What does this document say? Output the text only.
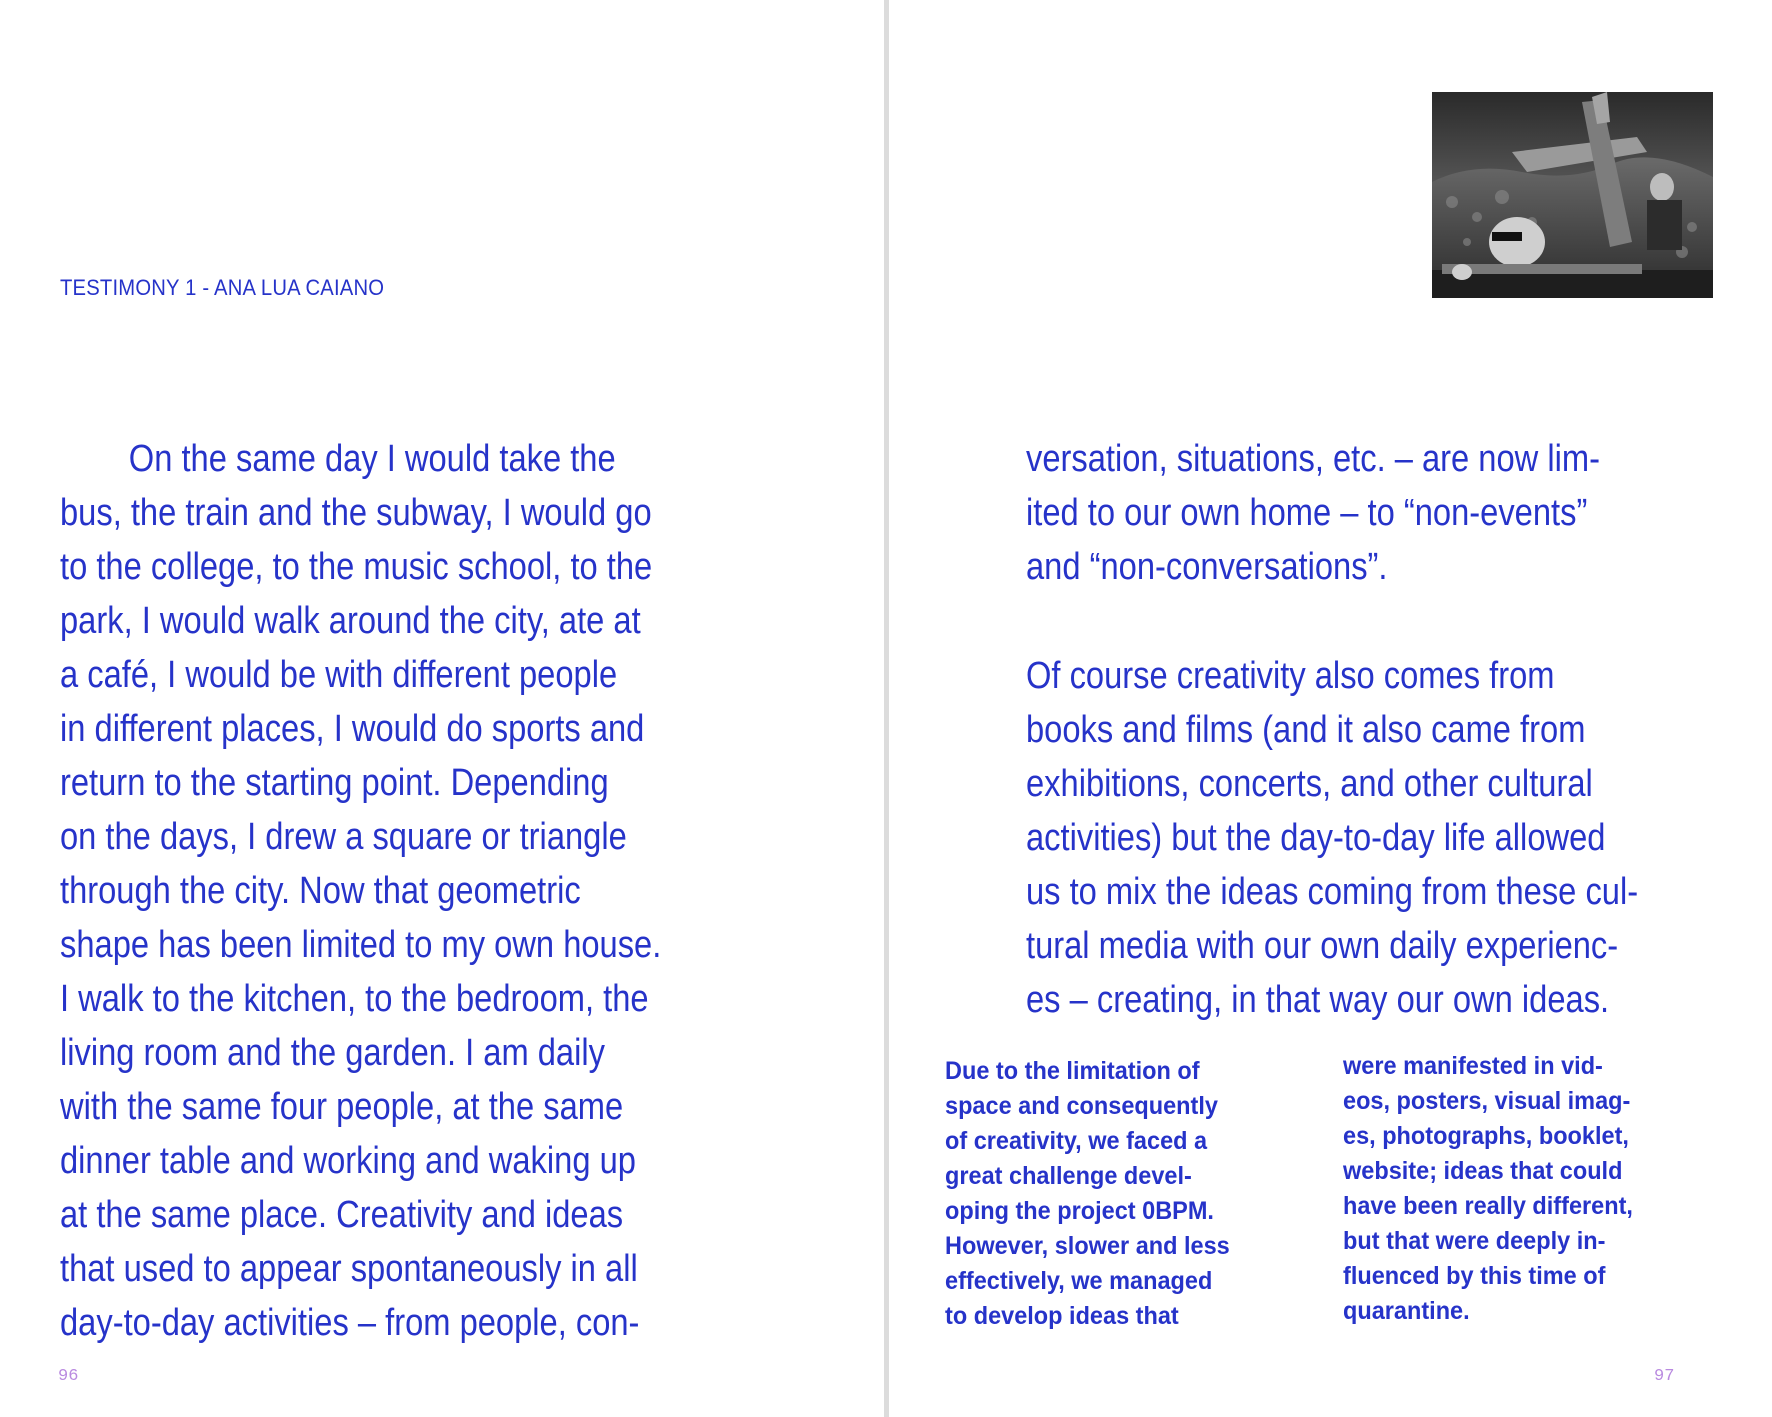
TESTIMONY 1 - ANA LUA CAIANO
On the same day I would take the
bus, the train and the subway, I would go
to the college, to the music school, to the
park, I would walk around the city, ate at
a café, I would be with different people
in different places, I would do sports and
return to the starting point. Depending
on the days, I drew a square or triangle
through the city. Now that geometric
shape has been limited to my own house.
I walk to the kitchen, to the bedroom, the
living room and the garden. I am daily
with the same four people, at the same
dinner table and working and waking up
at the same place. Creativity and ideas
that used to appear spontaneously in all
day-to-day activities – from people, con-
96
versation, situations, etc. – are now lim-
ited to our own home – to “non-events”
and “non-conversations”.
Of course creativity also comes from
books and films (and it also came from
exhibitions, concerts, and other cultural
activities) but the day-to-day life allowed
us to mix the ideas coming from these cul-
tural media with our own daily experienc-
es – creating, in that way our own ideas.
Due to the limitation of
space and consequently
of creativity, we faced a
great challenge devel-
oping the project 0BPM.
However, slower and less
effectively, we managed
to develop ideas that
were manifested in vid-
eos, posters, visual imag-
es, photographs, booklet,
website; ideas that could
have been really different,
but that were deeply in-
fluenced by this time of
quarantine.
97
